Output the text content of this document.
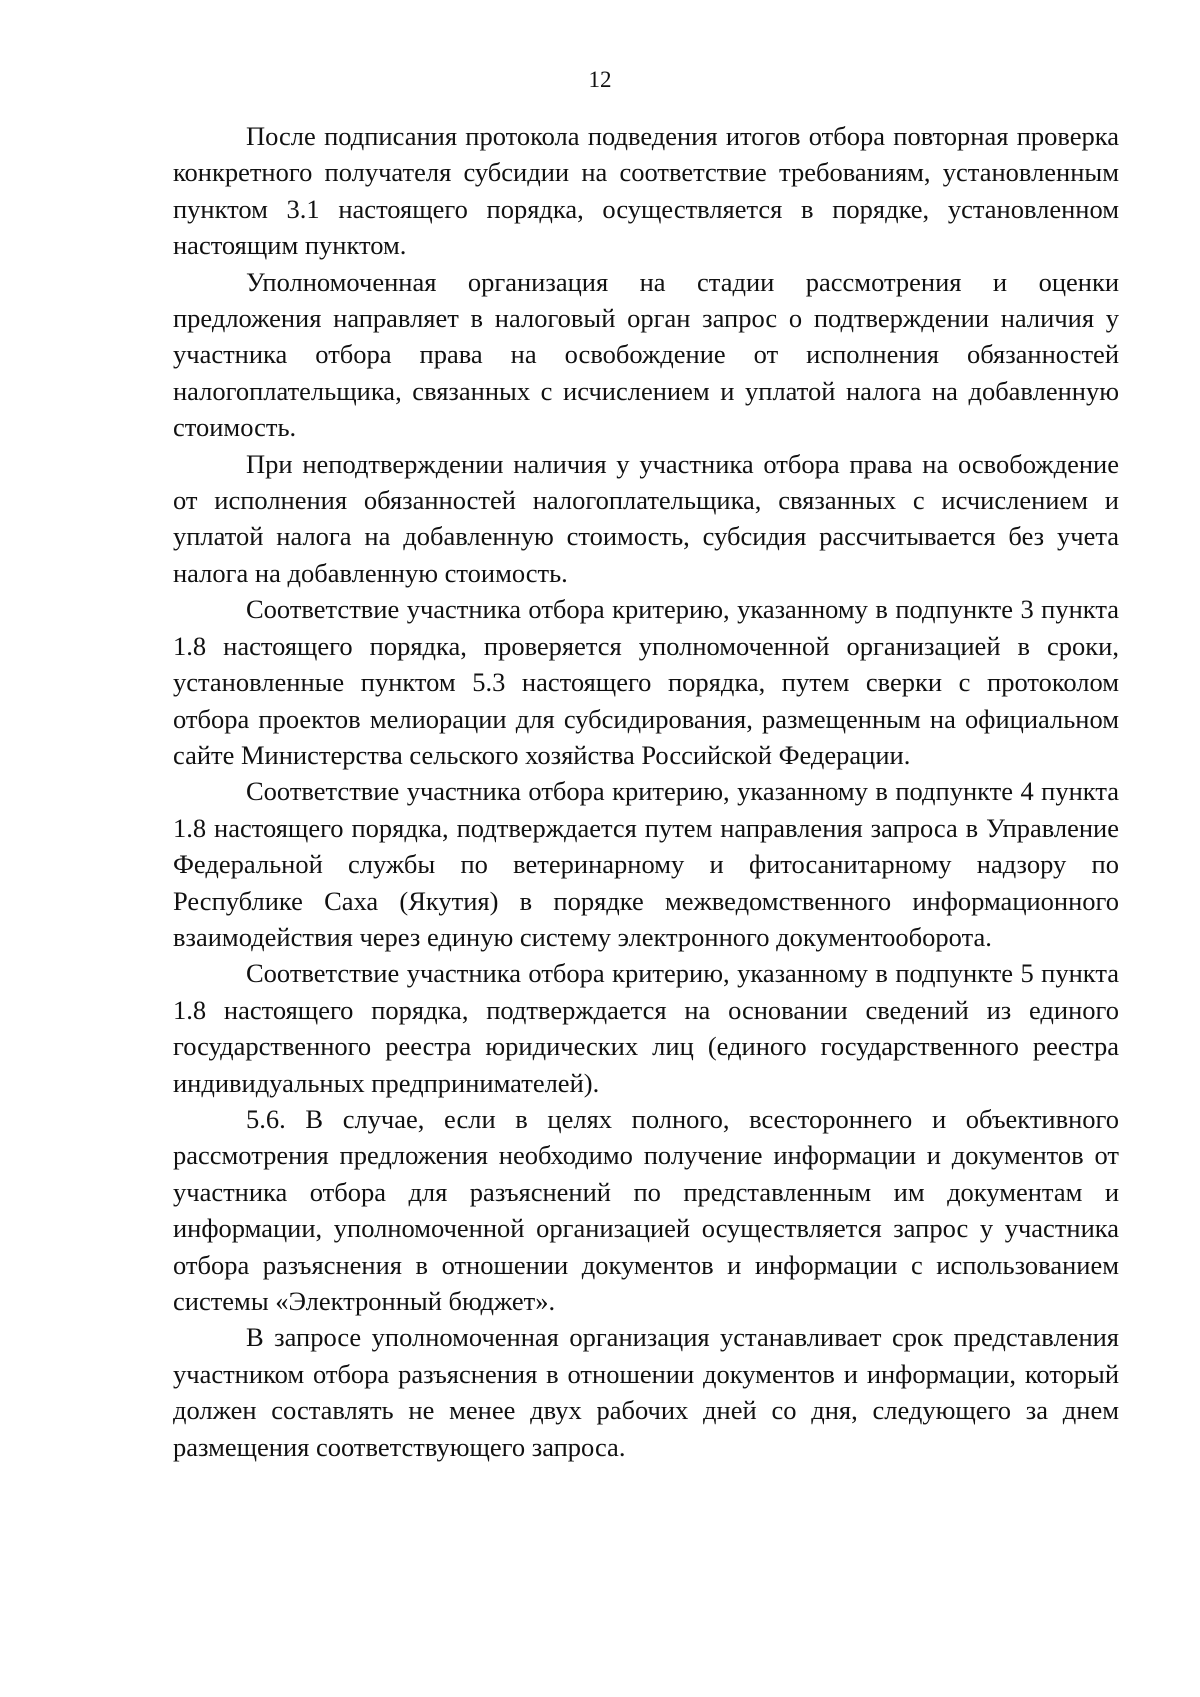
12

После подписания протокола подведения итогов отбора повторная проверка конкретного получателя субсидии на соответствие требованиям, установленным пунктом 3.1 настоящего порядка, осуществляется в порядке, установленном настоящим пунктом.

Уполномоченная организация на стадии рассмотрения и оценки предложения направляет в налоговый орган запрос о подтверждении наличия у участника отбора права на освобождение от исполнения обязанностей налогоплательщика, связанных с исчислением и уплатой налога на добавленную стоимость.

При неподтверждении наличия у участника отбора права на освобождение от исполнения обязанностей налогоплательщика, связанных с исчислением и уплатой налога на добавленную стоимость, субсидия рассчитывается без учета налога на добавленную стоимость.

Соответствие участника отбора критерию, указанному в подпункте 3 пункта 1.8 настоящего порядка, проверяется уполномоченной организацией в сроки, установленные пунктом 5.3 настоящего порядка, путем сверки с протоколом отбора проектов мелиорации для субсидирования, размещенным на официальном сайте Министерства сельского хозяйства Российской Федерации.

Соответствие участника отбора критерию, указанному в подпункте 4 пункта 1.8 настоящего порядка, подтверждается путем направления запроса в Управление Федеральной службы по ветеринарному и фитосанитарному надзору по Республике Саха (Якутия) в порядке межведомственного информационного взаимодействия через единую систему электронного документооборота.

Соответствие участника отбора критерию, указанному в подпункте 5 пункта 1.8 настоящего порядка, подтверждается на основании сведений из единого государственного реестра юридических лиц (единого государственного реестра индивидуальных предпринимателей).

5.6. В случае, если в целях полного, всестороннего и объективного рассмотрения предложения необходимо получение информации и документов от участника отбора для разъяснений по представленным им документам и информации, уполномоченной организацией осуществляется запрос у участника отбора разъяснения в отношении документов и информации с использованием системы «Электронный бюджет».

В запросе уполномоченная организация устанавливает срок представления участником отбора разъяснения в отношении документов и информации, который должен составлять не менее двух рабочих дней со дня, следующего за днем размещения соответствующего запроса.
